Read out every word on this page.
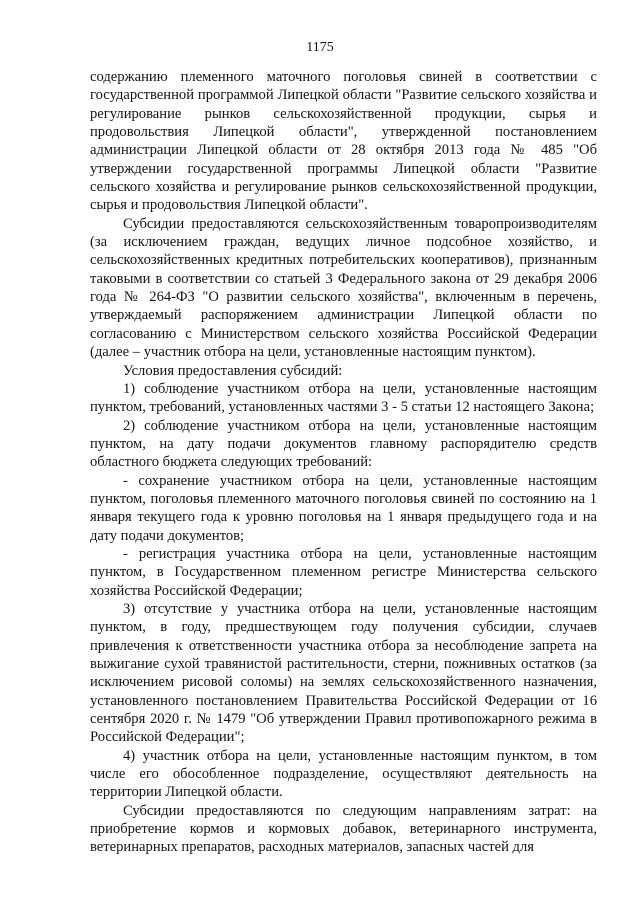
1175

содержанию племенного маточного поголовья свиней в соответствии с государственной программой Липецкой области "Развитие сельского хозяйства и регулирование рынков сельскохозяйственной продукции, сырья и продовольствия Липецкой области", утвержденной постановлением администрации Липецкой области от 28 октября 2013 года № 485 "Об утверждении государственной программы Липецкой области "Развитие сельского хозяйства и регулирование рынков сельскохозяйственной продукции, сырья и продовольствия Липецкой области".

Субсидии предоставляются сельскохозяйственным товаропроизводителям (за исключением граждан, ведущих личное подсобное хозяйство, и сельскохозяйственных кредитных потребительских кооперативов), признанным таковыми в соответствии со статьей 3 Федерального закона от 29 декабря 2006 года № 264-ФЗ "О развитии сельского хозяйства", включенным в перечень, утверждаемый распоряжением администрации Липецкой области по согласованию с Министерством сельского хозяйства Российской Федерации (далее – участник отбора на цели, установленные настоящим пунктом).

Условия предоставления субсидий:

1) соблюдение участником отбора на цели, установленные настоящим пунктом, требований, установленных частями 3 - 5 статьи 12 настоящего Закона;

2) соблюдение участником отбора на цели, установленные настоящим пунктом, на дату подачи документов главному распорядителю средств областного бюджета следующих требований:

- сохранение участником отбора на цели, установленные настоящим пунктом, поголовья племенного маточного поголовья свиней по состоянию на 1 января текущего года к уровню поголовья на 1 января предыдущего года и на дату подачи документов;

- регистрация участника отбора на цели, установленные настоящим пунктом, в Государственном племенном регистре Министерства сельского хозяйства Российской Федерации;

3) отсутствие у участника отбора на цели, установленные настоящим пунктом, в году, предшествующем году получения субсидии, случаев привлечения к ответственности участника отбора за несоблюдение запрета на выжигание сухой травянистой растительности, стерни, пожнивных остатков (за исключением рисовой соломы) на землях сельскохозяйственного назначения, установленного постановлением Правительства Российской Федерации от 16 сентября 2020 г. № 1479 "Об утверждении Правил противопожарного режима в Российской Федерации";

4) участник отбора на цели, установленные настоящим пунктом, в том числе его обособленное подразделение, осуществляют деятельность на территории Липецкой области.

Субсидии предоставляются по следующим направлениям затрат: на приобретение кормов и кормовых добавок, ветеринарного инструмента, ветеринарных препаратов, расходных материалов, запасных частей для
